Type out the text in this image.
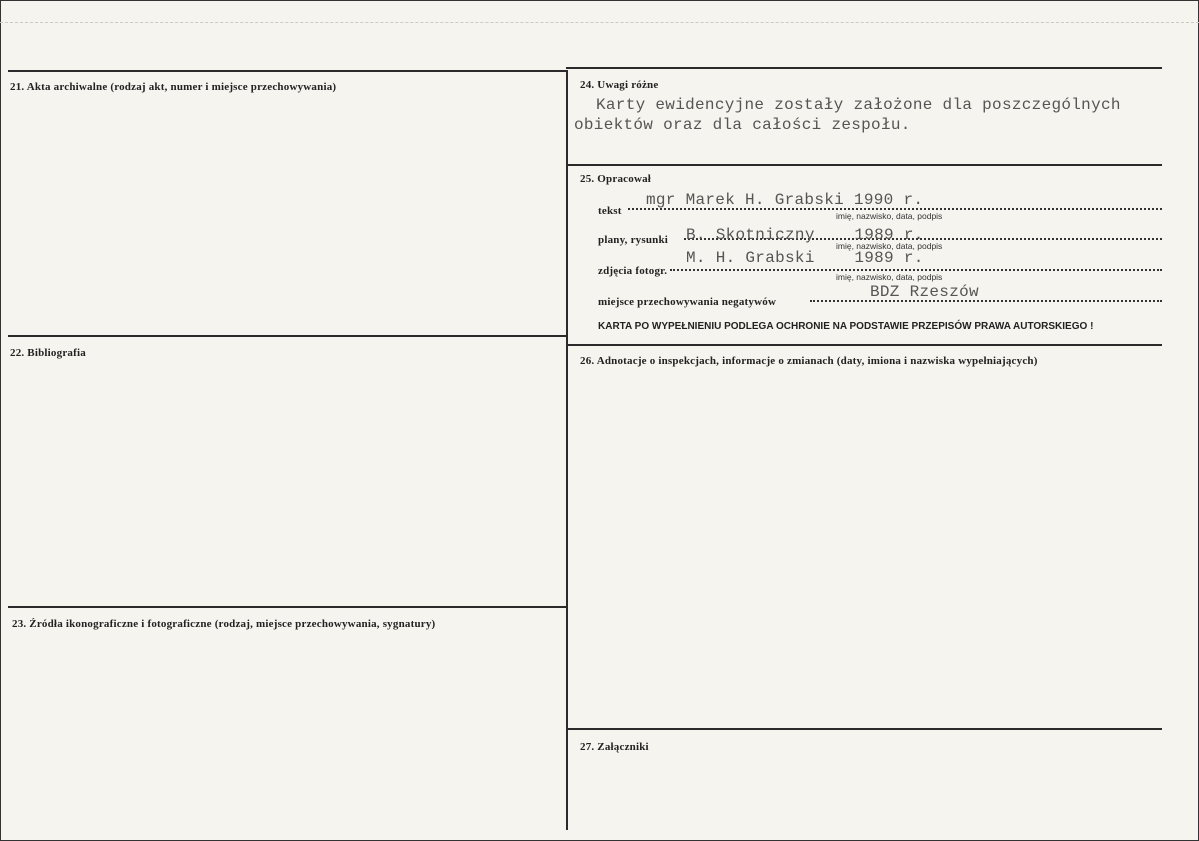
21. Akta archiwalne (rodzaj akt, numer i miejsce przechowywania)
22. Bibliografia
23. Źródła ikonograficzne i fotograficzne (rodzaj, miejsce przechowywania, sygnatury)
24. Uwagi różne
Karty ewidencyjne zostały założone dla poszczególnych
obiektów oraz dla całości zespołu.
25. Opracował
tekst
mgr Marek H. Grabski 1990 r.
imię, nazwisko, data, podpis
plany, rysunki B. Skotniczny    1989 r.
imię, nazwisko, data, podpis
zdjęcia fotogr.
M. H. Grabski    1989 r.
imię, nazwisko, data, podpis
miejsce przechowywania negatywów
BDZ Rzeszów
KARTA PO WYPEŁNIENIU PODLEGA OCHRONIE NA PODSTAWIE PRZEPISÓW PRAWA AUTORSKIEGO !
26. Adnotacje o inspekcjach, informacje o zmianach (daty, imiona i nazwiska wypełniających)
27. Załączniki
